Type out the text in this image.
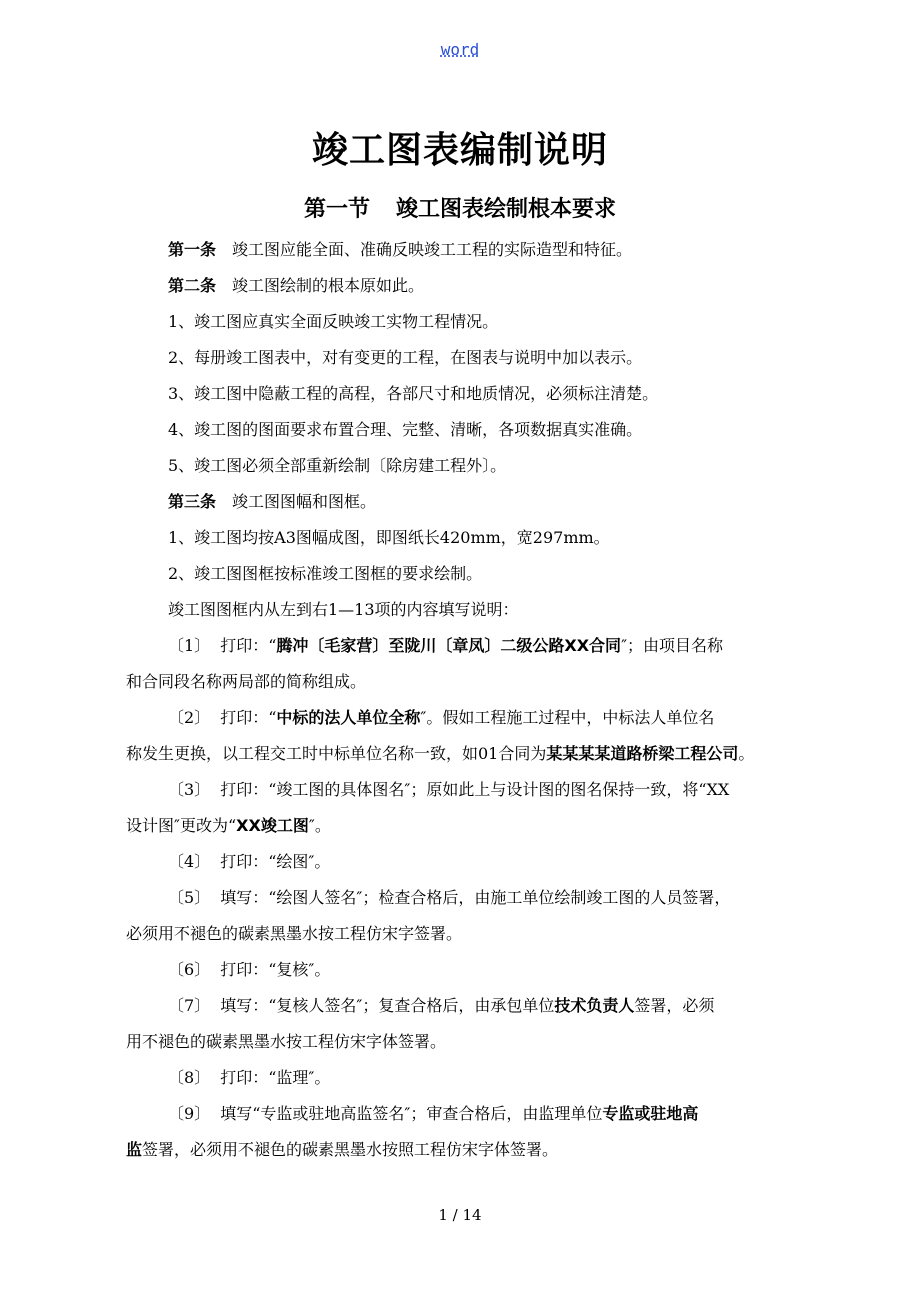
word
竣工图表编制说明
第一节 竣工图表绘制根本要求
第一条 竣工图应能全面、准确反映竣工工程的实际造型和特征。
第二条 竣工图绘制的根本原如此。
1、竣工图应真实全面反映竣工实物工程情况。
2、每册竣工图表中，对有变更的工程，在图表与说明中加以表示。
3、竣工图中隐蔽工程的高程，各部尺寸和地质情况，必须标注清楚。
4、竣工图的图面要求布置合理、完整、清晰，各项数据真实准确。
5、竣工图必须全部重新绘制〔除房建工程外〕。
第三条 竣工图图幅和图框。
1、竣工图均按A3图幅成图，即图纸长420mm，宽297mm。
2、竣工图图框按标准竣工图框的要求绘制。
竣工图图框内从左到右1—13项的内容填写说明：
〔1〕 打印：“腾冲〔毛家营〕至陇川〔章凤〕二级公路XX合同″；由项目名称
和合同段名称两局部的简称组成。
〔2〕 打印：“中标的法人单位全称″。假如工程施工过程中，中标法人单位名
称发生更换，以工程交工时中标单位名称一致，如01合同为某某某某道路桥梁工程公司。
〔3〕 打印：“竣工图的具体图名″；原如此上与设计图的图名保持一致，将“XX
设计图″更改为“XX竣工图″。
〔4〕 打印：“绘图″。
〔5〕 填写：“绘图人签名″；检查合格后，由施工单位绘制竣工图的人员签署，
必须用不褪色的碳素黑墨水按工程仿宋字签署。
〔6〕 打印：“复核″。
〔7〕 填写：“复核人签名″；复查合格后，由承包单位技术负责人签署，必须
用不褪色的碳素黑墨水按工程仿宋字体签署。
〔8〕 打印：“监理″。
〔9〕 填写“专监或驻地高监签名″；审查合格后，由监理单位专监或驻地高
监签署，必须用不褪色的碳素黑墨水按照工程仿宋字体签署。
1 / 14
